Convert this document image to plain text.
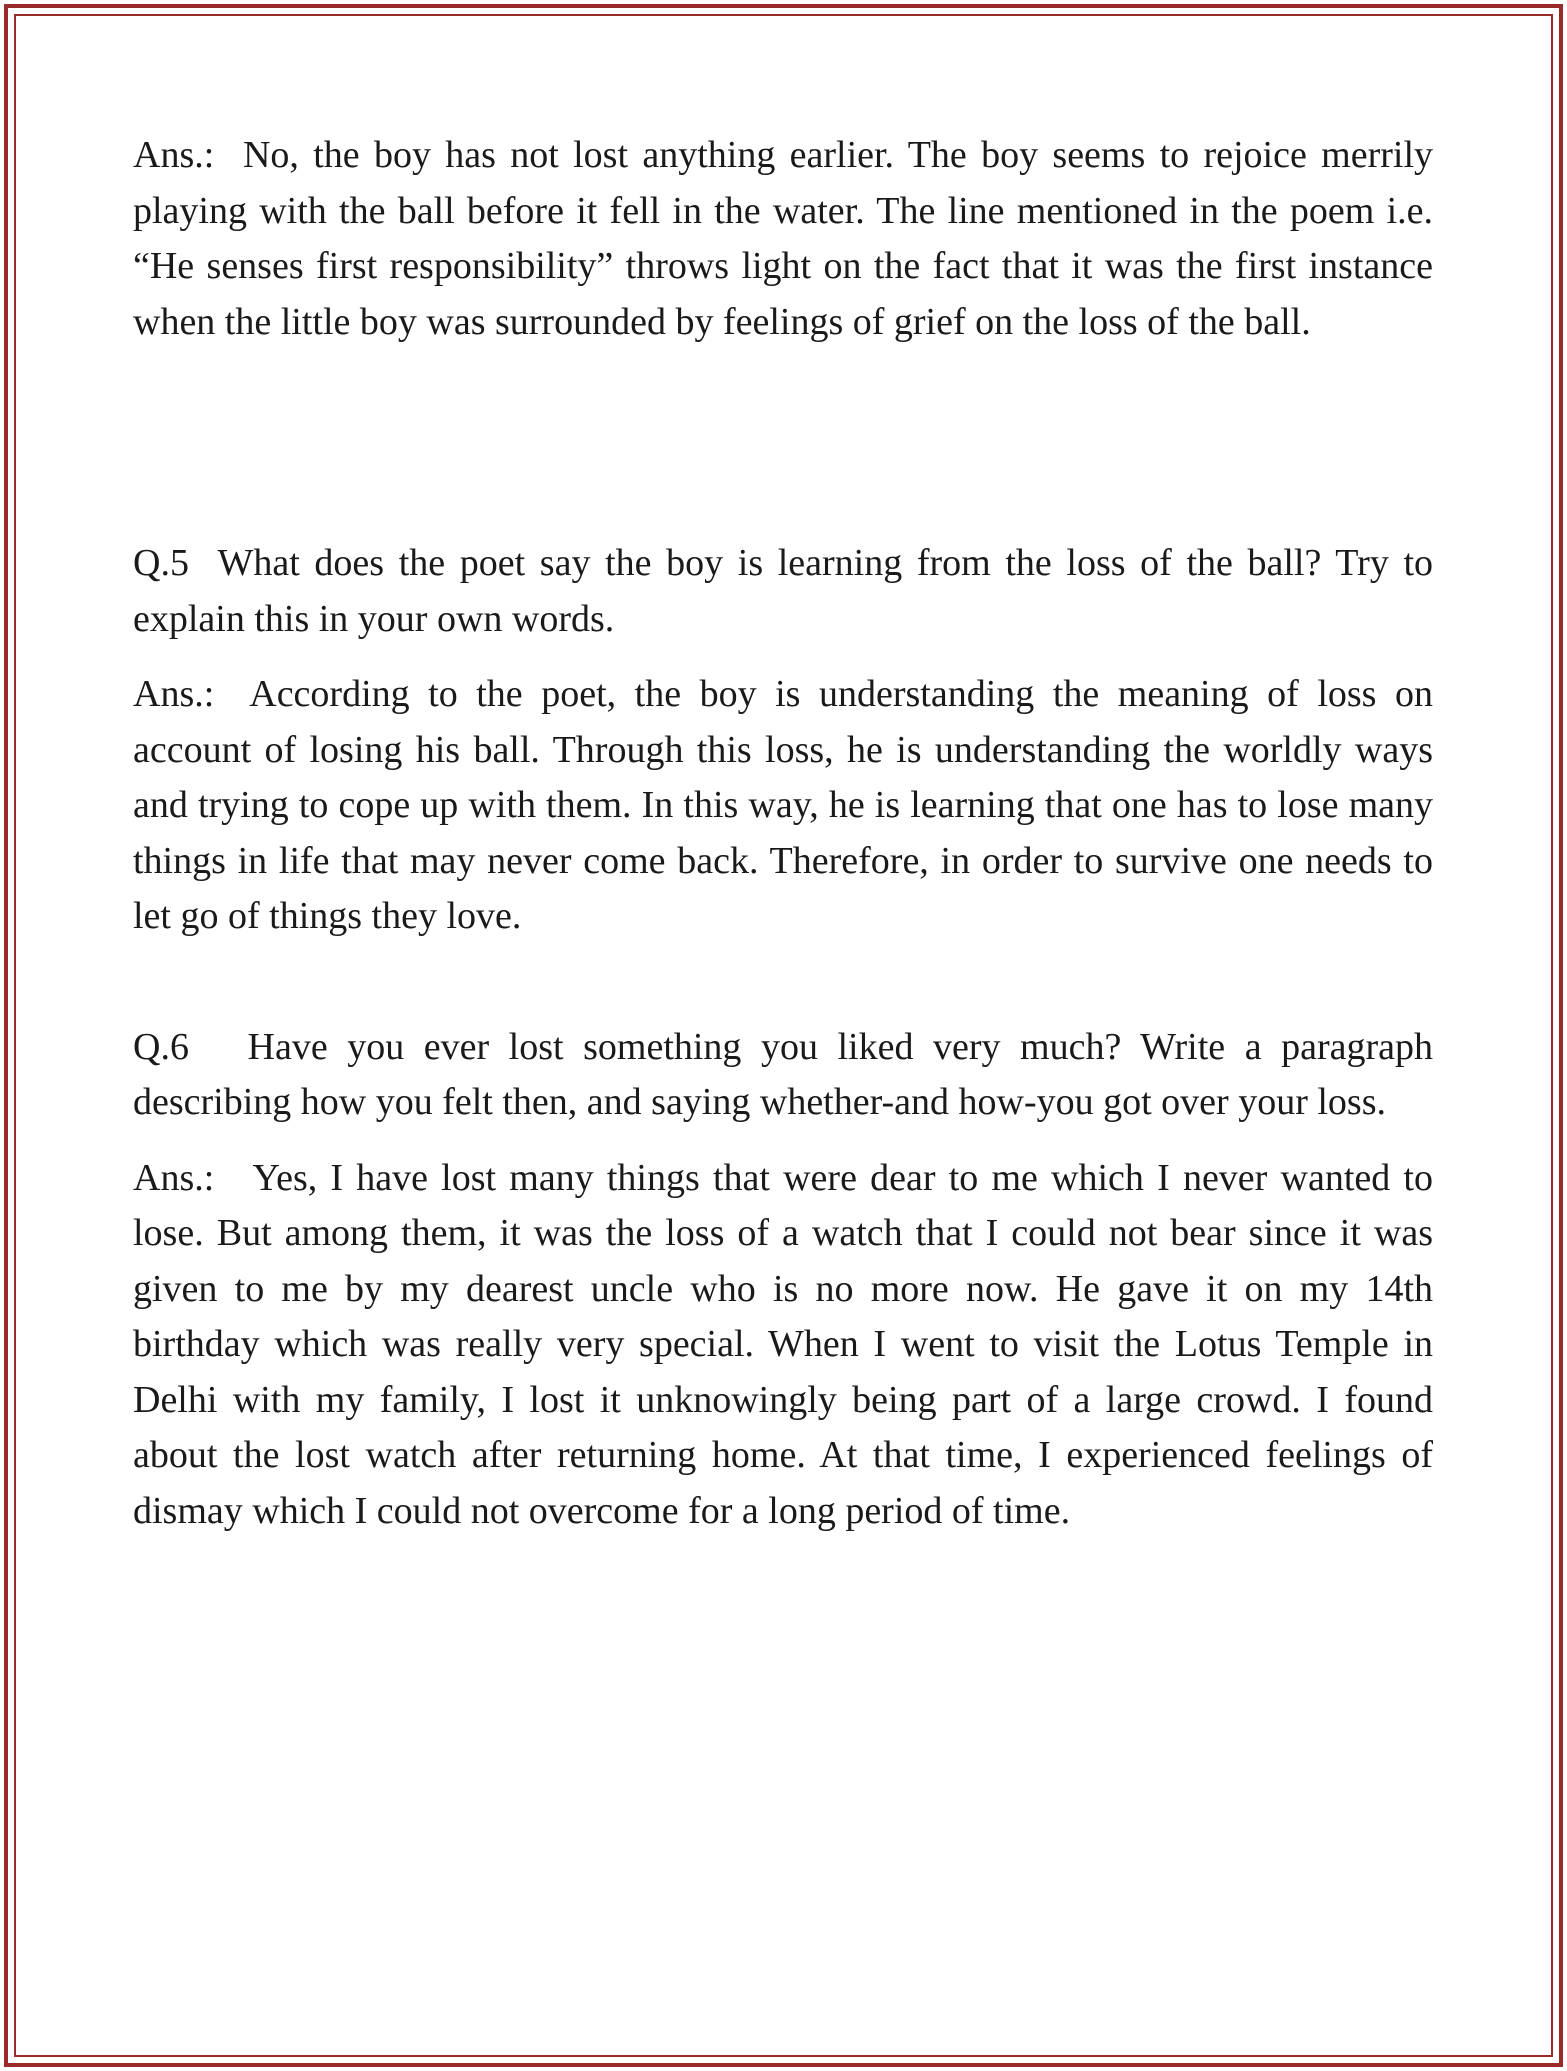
Ans.:  No, the boy has not lost anything earlier. The boy seems to rejoice merrily playing with the ball before it fell in the water. The line mentioned in the poem i.e. “He senses first responsibility” throws light on the fact that it was the first instance when the little boy was surrounded by feelings of grief on the loss of the ball.

Q.5  What does the poet say the boy is learning from the loss of the ball? Try to explain this in your own words.

Ans.:  According to the poet, the boy is understanding the meaning of loss on account of losing his ball. Through this loss, he is understanding the worldly ways and trying to cope up with them. In this way, he is learning that one has to lose many things in life that may never come back. Therefore, in order to survive one needs to let go of things they love.

Q.6   Have you ever lost something you liked very much? Write a paragraph describing how you felt then, and saying whether-and how-you got over your loss.

Ans.:   Yes, I have lost many things that were dear to me which I never wanted to lose. But among them, it was the loss of a watch that I could not bear since it was given to me by my dearest uncle who is no more now. He gave it on my 14th birthday which was really very special. When I went to visit the Lotus Temple in Delhi with my family, I lost it unknowingly being part of a large crowd. I found about the lost watch after returning home. At that time, I experienced feelings of dismay which I could not overcome for a long period of time.
